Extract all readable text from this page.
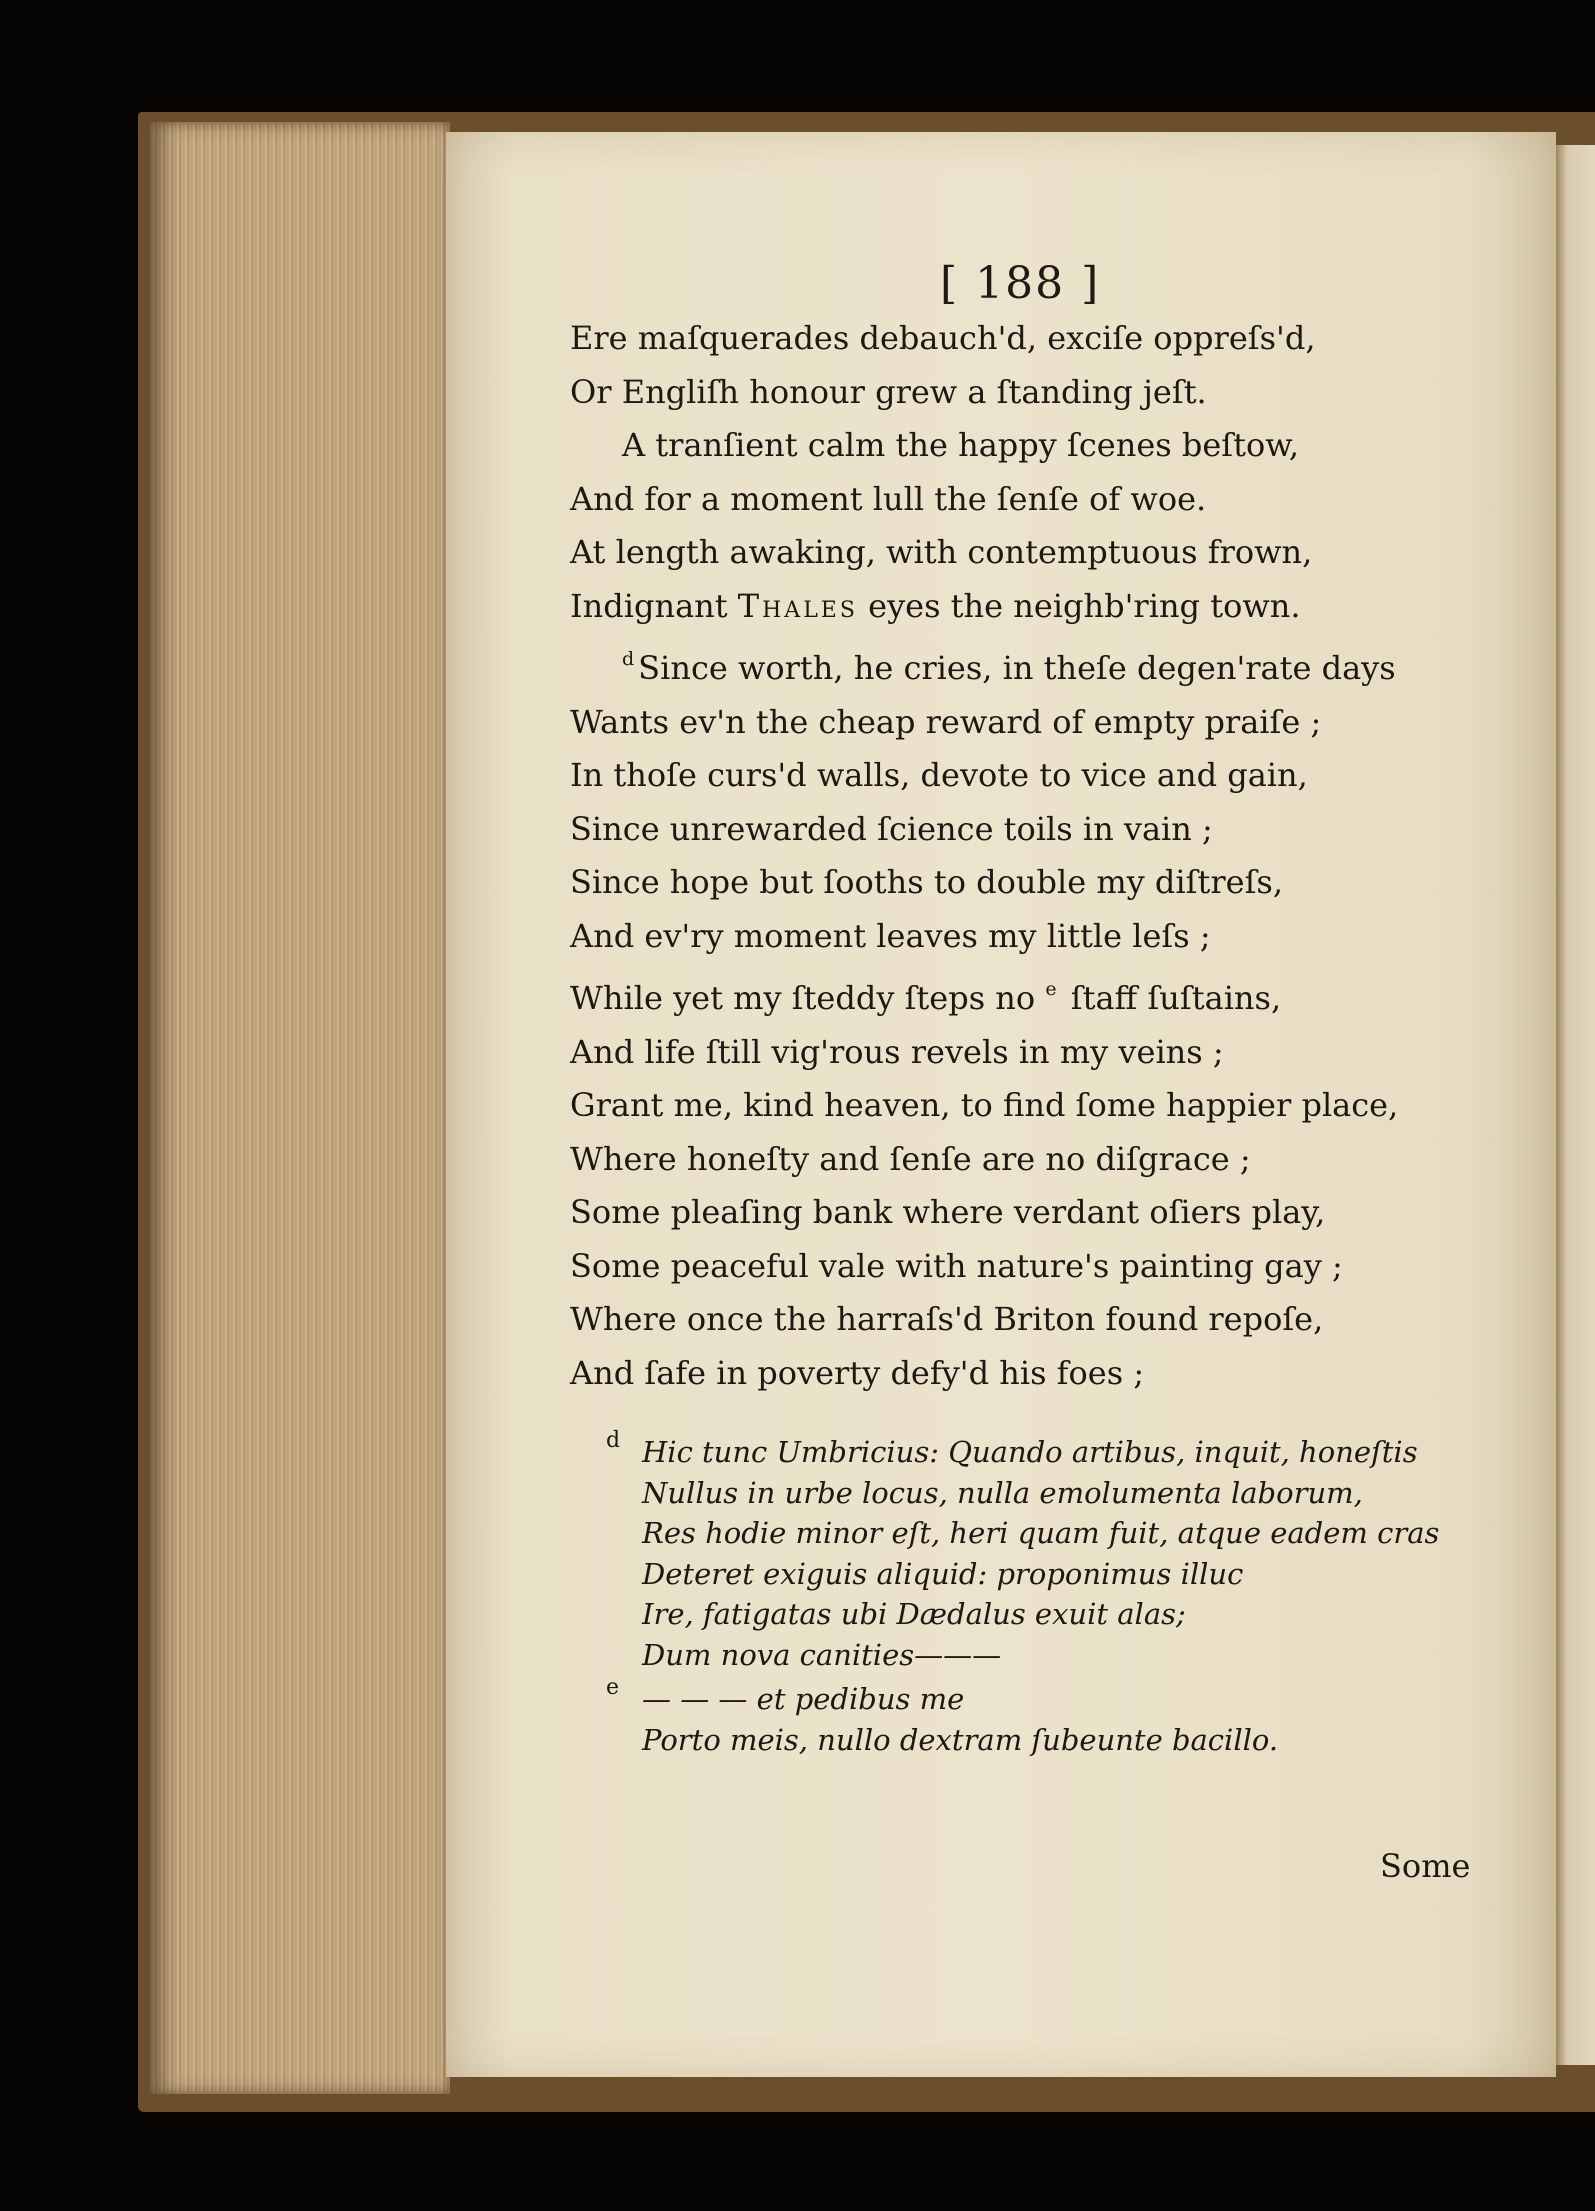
[ 188 ]
Ere maſquerades debauch'd, exciſe oppreſs'd,
Or Engliſh honour grew a ſtanding jeſt.
A tranſient calm the happy ſcenes beſtow,
And for a moment lull the ſenſe of woe.
At length awaking, with contemptuous frown,
Indignant Thales eyes the neighb'ring town.
$^d$ Since worth, he cries, in theſe degen'rate days
Wants ev'n the cheap reward of empty praiſe ;
In thoſe curs'd walls, devote to vice and gain,
Since unrewarded ſcience toils in vain ;
Since hope but ſooths to double my diſtreſs,
And ev'ry moment leaves my little leſs ;
While yet my ſteddy ſteps no $^e$ ſtaff ſuſtains,
And life ſtill vig'rous revels in my veins ;
Grant me, kind heaven, to find ſome happier place,
Where honeſty and ſenſe are no diſgrace ;
Some pleaſing bank where verdant oſiers play,
Some peaceful vale with nature's painting gay ;
Where once the harraſs'd Briton found repoſe,
And ſafe in poverty defy'd his foes ;
d Hic tunc Umbricius: Quando artibus, inquit, honeſtis
Nullus in urbe locus, nulla emolumenta laborum,
Res hodie minor eſt, heri quam fuit, atque eadem cras
Deteret exiguis aliquid: proponimus illuc
Ire, fatigatas ubi Dædalus exuit alas;
Dum nova canities———
e — — — et pedibus me
Porto meis, nullo dextram ſubeunte bacillo.
Some
